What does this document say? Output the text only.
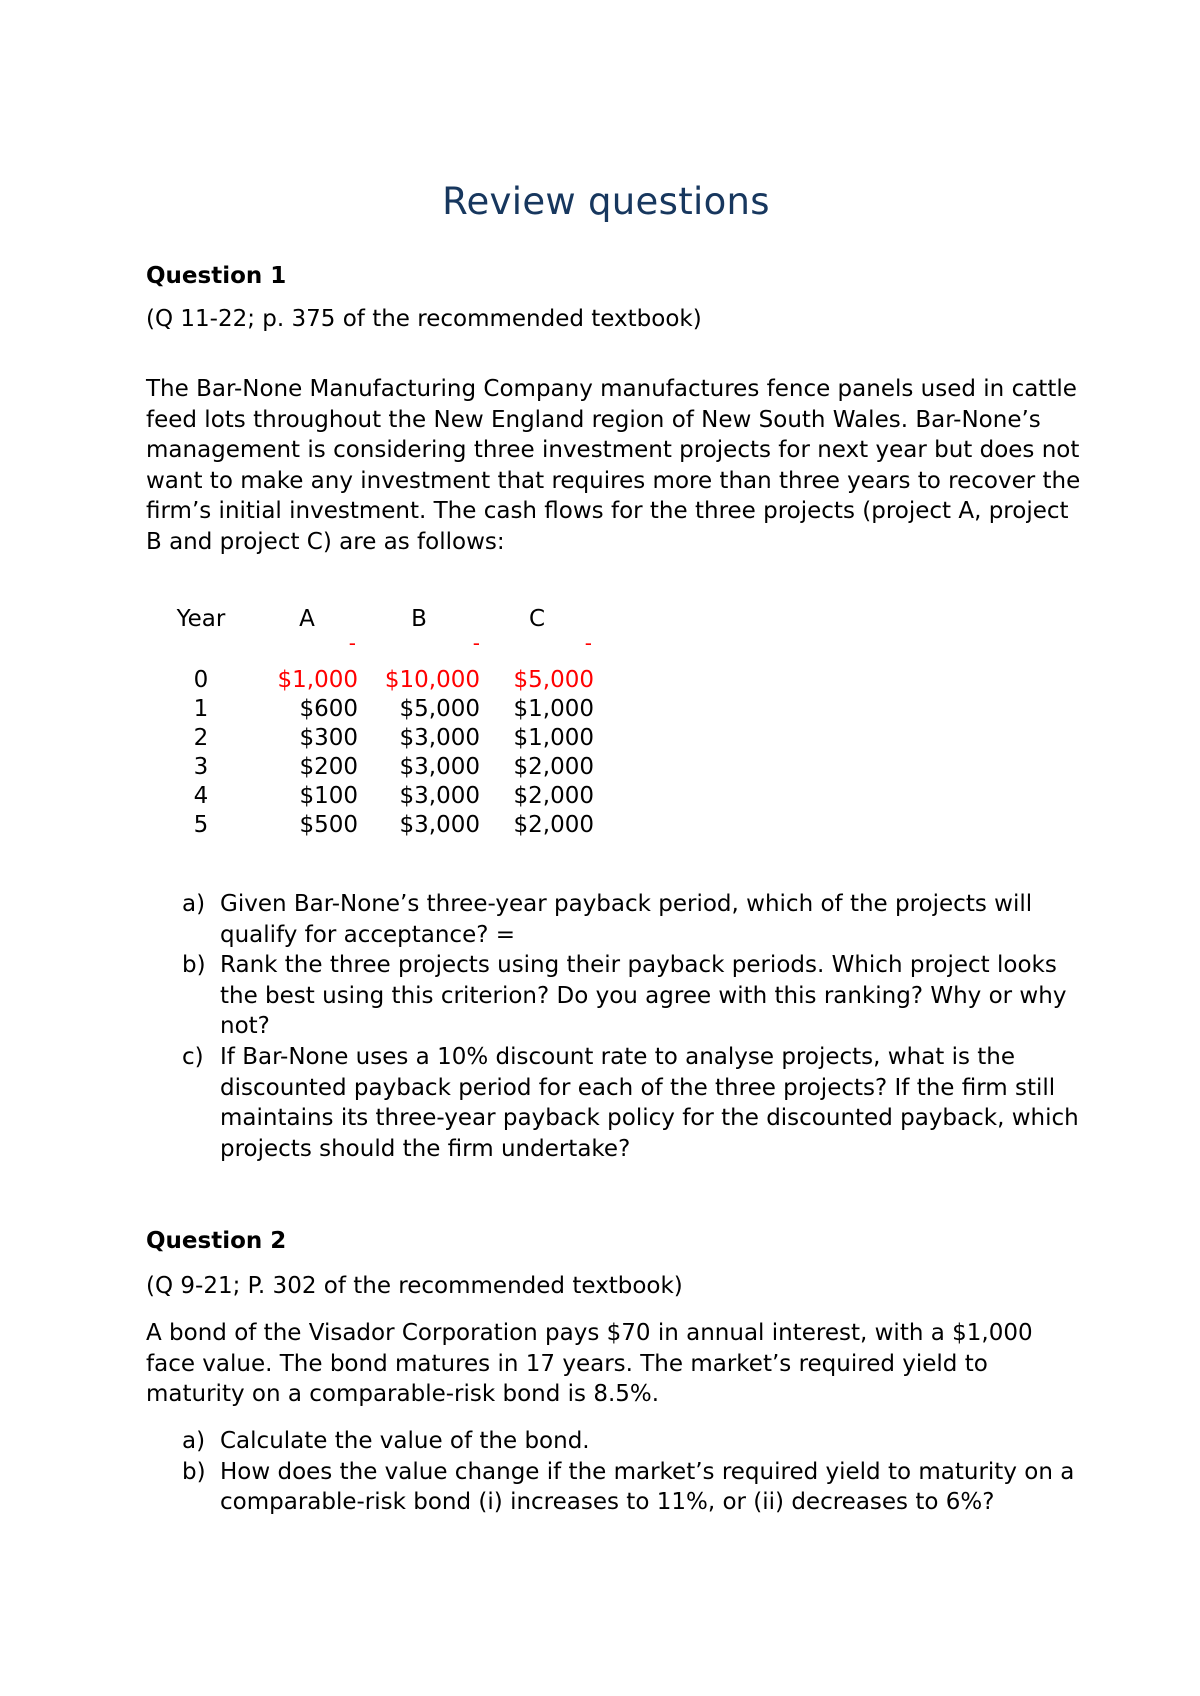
Review questions
Question 1
(Q 11-22; p. 375 of the recommended textbook)
The Bar-None Manufacturing Company manufactures fence panels used in cattle feed lots throughout the New England region of New South Wales. Bar-None’s management is considering three investment projects for next year but does not want to make any investment that requires more than three years to recover the firm’s initial investment. The cash flows for the three projects (project A, project B and project C) are as follows:
Year	A	B	C
	-	-	-
0	$1,000	$10,000	$5,000
1	$600	$5,000	$1,000
2	$300	$3,000	$1,000
3	$200	$3,000	$2,000
4	$100	$3,000	$2,000
5	$500	$3,000	$2,000
a) Given Bar-None’s three-year payback period, which of the projects will qualify for acceptance? =
b) Rank the three projects using their payback periods. Which project looks the best using this criterion? Do you agree with this ranking? Why or why not?
c) If Bar-None uses a 10% discount rate to analyse projects, what is the discounted payback period for each of the three projects? If the firm still maintains its three-year payback policy for the discounted payback, which projects should the firm undertake?
Question 2
(Q 9-21; P. 302 of the recommended textbook)
A bond of the Visador Corporation pays $70 in annual interest, with a $1,000 face value. The bond matures in 17 years. The market’s required yield to maturity on a comparable-risk bond is 8.5%.
a) Calculate the value of the bond.
b) How does the value change if the market’s required yield to maturity on a comparable-risk bond (i) increases to 11%, or (ii) decreases to 6%?
